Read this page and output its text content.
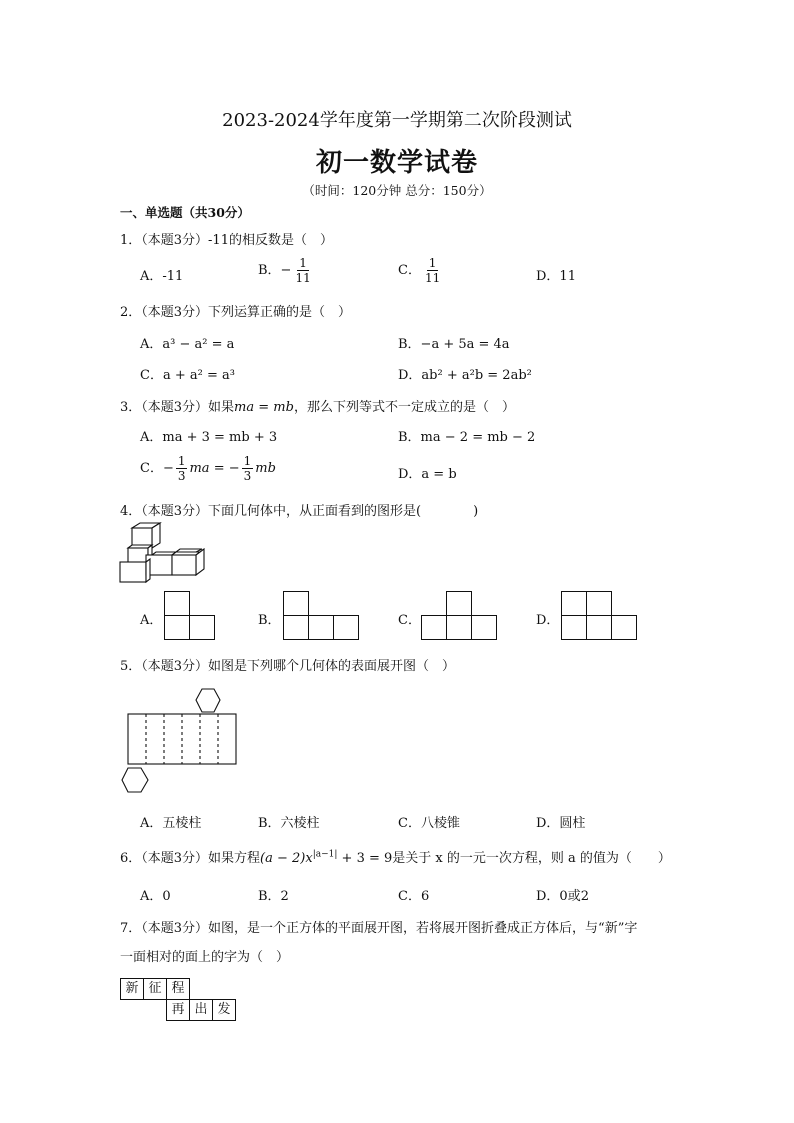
2023-2024学年度第一学期第二次阶段测试
初一数学试卷
（时间：120分钟 总分：150分）
一、单选题（共30分）
1．（本题3分）-11的相反数是（　）
A．-11	B．− $\frac{1}{11}$	C． $\frac{1}{11}$	D．11
2．（本题3分）下列运算正确的是（　）
A．a³ − a² = a	B．−a + 5a = 4a
C．a + a² = a³	D．ab² + a²b = 2ab²
3．（本题3分）如果ma = mb，那么下列等式不一定成立的是（　）
A．ma + 3 = mb + 3	B．ma − 2 = mb − 2
C．− $\frac{1}{3}$ ma = − $\frac{1}{3}$ mb	D．a = b
4．（本题3分）下面几何体中，从正面看到的图形是(　　　　)
A．	B．	C．	D．
5．（本题3分）如图是下列哪个几何体的表面展开图（　）
A．五棱柱	B．六棱柱	C．八棱锥	D．圆柱
6．（本题3分）如果方程$(a - 2)x^{|a-1|} + 3 = 9$是关于 x 的一元一次方程，则 a 的值为（　　）
A．0	B．2	C．6	D．0或2
7．（本题3分）如图，是一个正方体的平面展开图，若将展开图折叠成正方体后，与“新”字
一面相对的面上的字为（　）
新 征 程
再 出 发
